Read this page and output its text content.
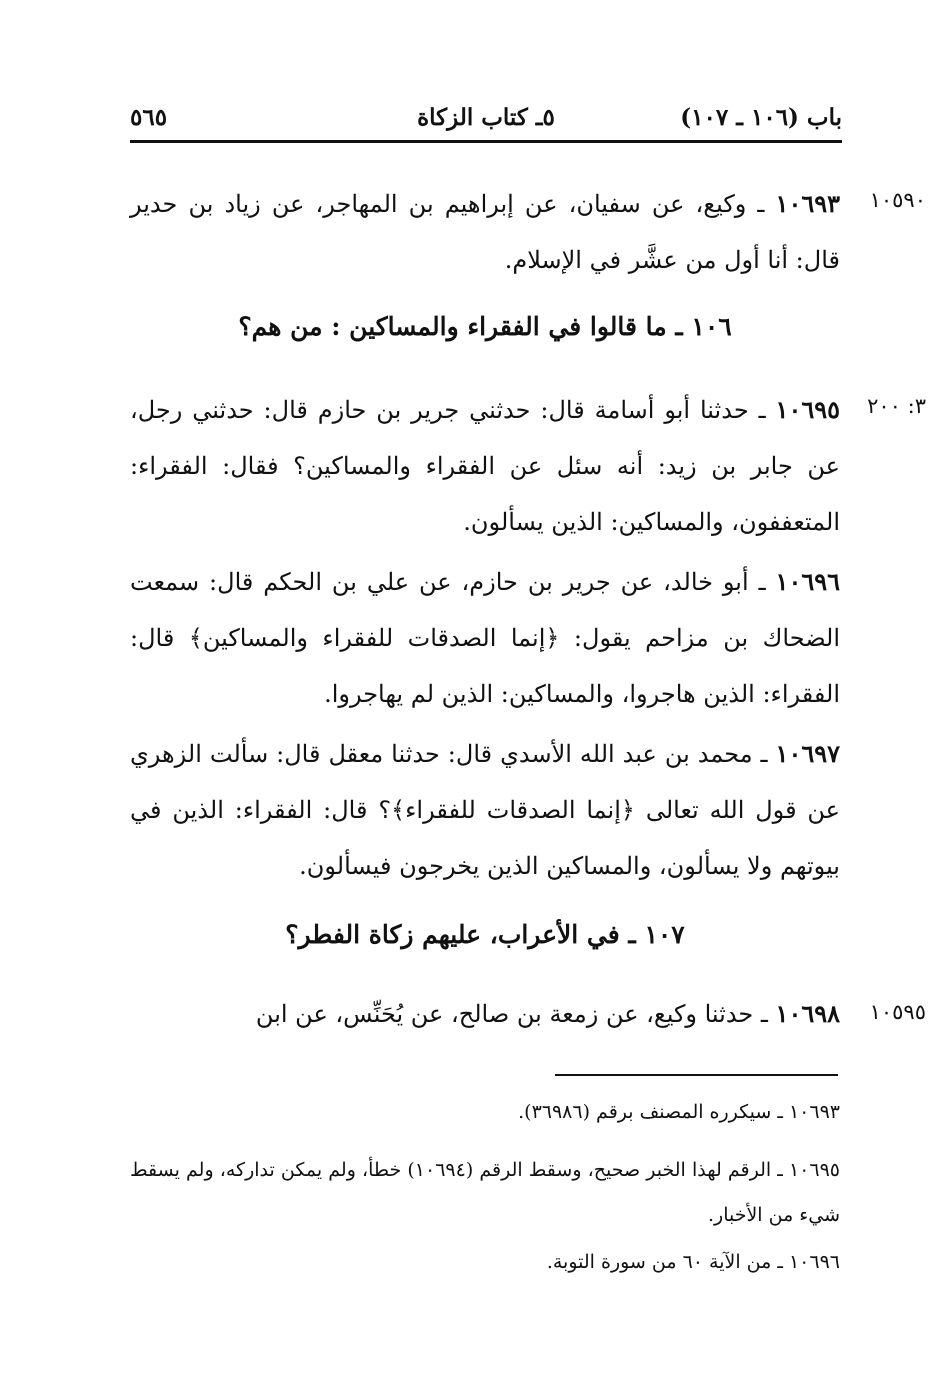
باب (١٠٦ ـ ١٠٧)
٥ـ كتاب الزكاة
٥٦٥
١٠٥٩٠
١٠٦٩٣ ـ وكيع، عن سفيان، عن إبراهيم بن المهاجر، عن زياد بن حدير قال: أنا أول من عشَّر في الإسلام.
١٠٦ ـ ما قالوا في الفقراء والمساكين : من هم؟
٣: ٢٠٠
١٠٦٩٥ ـ حدثنا أبو أسامة قال: حدثني جرير بن حازم قال: حدثني رجل، عن جابر بن زيد: أنه سئل عن الفقراء والمساكين؟ فقال: الفقراء: المتعففون، والمساكين: الذين يسألون.
١٠٦٩٦ ـ أبو خالد، عن جرير بن حازم، عن علي بن الحكم قال: سمعت الضحاك بن مزاحم يقول: ﴿إنما الصدقات للفقراء والمساكين﴾ قال: الفقراء: الذين هاجروا، والمساكين: الذين لم يهاجروا.
١٠٦٩٧ ـ محمد بن عبد الله الأسدي قال: حدثنا معقل قال: سألت الزهري عن قول الله تعالى ﴿إنما الصدقات للفقراء﴾؟ قال: الفقراء: الذين في بيوتهم ولا يسألون، والمساكين الذين يخرجون فيسألون.
١٠٧ ـ في الأعراب، عليهم زكاة الفطر؟
١٠٥٩٥
١٠٦٩٨ ـ حدثنا وكيع، عن زمعة بن صالح، عن يُحَنِّس، عن ابن
١٠٦٩٣ ـ سيكرره المصنف برقم (٣٦٩٨٦).
١٠٦٩٥ ـ الرقم لهذا الخبر صحيح، وسقط الرقم (١٠٦٩٤) خطأ، ولم يمكن تداركه، ولم يسقط شيء من الأخبار.
١٠٦٩٦ ـ من الآية ٦٠ من سورة التوبة.
